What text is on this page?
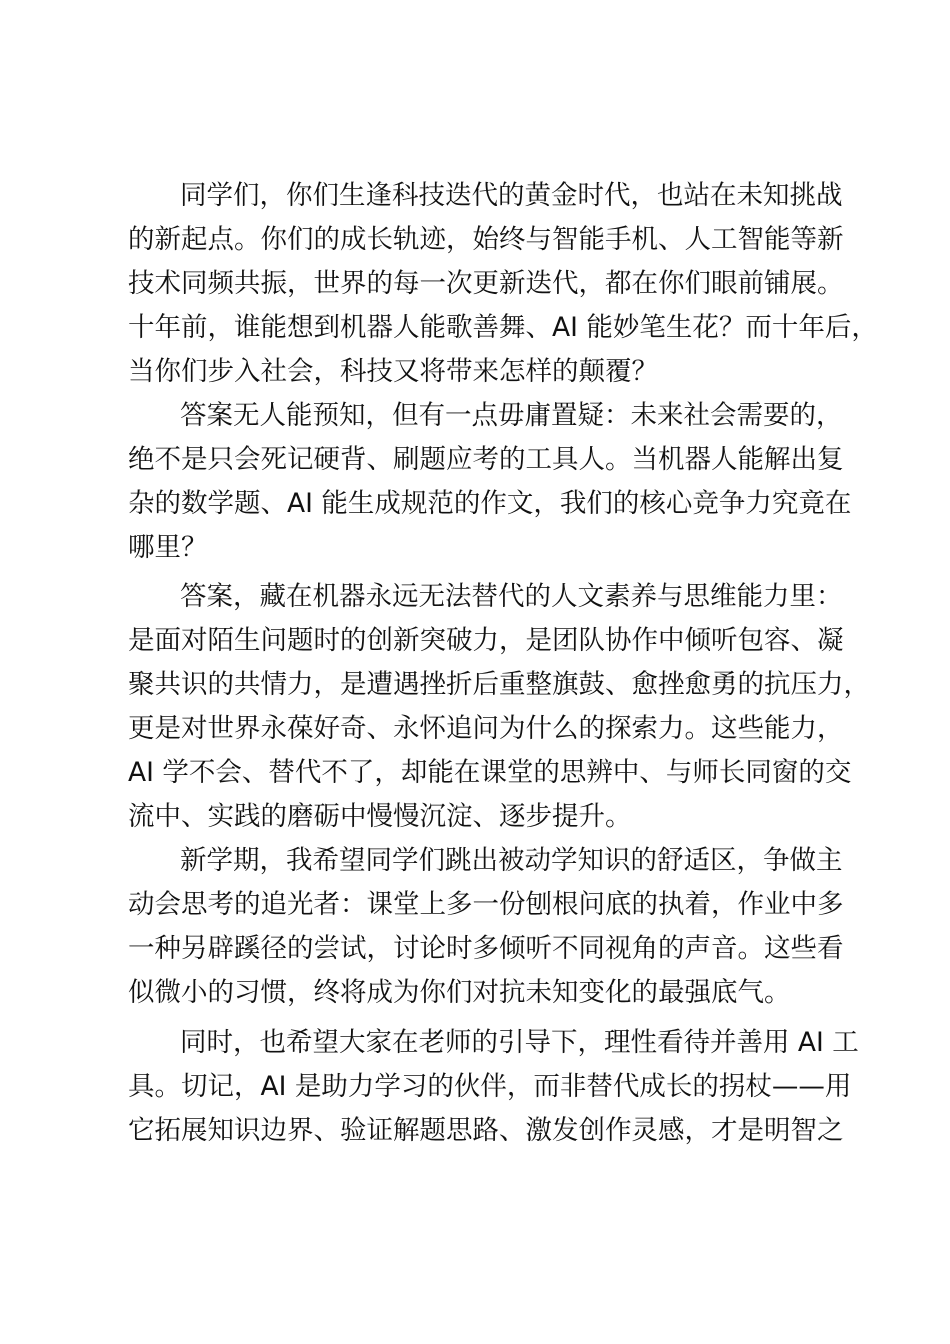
同学们，你们生逢科技迭代的黄金时代，也站在未知挑战
的新起点。你们的成长轨迹，始终与智能手机、人工智能等新
技术同频共振，世界的每一次更新迭代，都在你们眼前铺展。
十年前，谁能想到机器人能歌善舞、AI 能妙笔生花？而十年后，
当你们步入社会，科技又将带来怎样的颠覆？
答案无人能预知，但有一点毋庸置疑：未来社会需要的，
绝不是只会死记硬背、刷题应考的工具人。当机器人能解出复
杂的数学题、AI 能生成规范的作文，我们的核心竞争力究竟在
哪里？
答案，藏在机器永远无法替代的人文素养与思维能力里：
是面对陌生问题时的创新突破力，是团队协作中倾听包容、凝
聚共识的共情力，是遭遇挫折后重整旗鼓、愈挫愈勇的抗压力，
更是对世界永葆好奇、永怀追问为什么的探索力。这些能力，
AI 学不会、替代不了，却能在课堂的思辨中、与师长同窗的交
流中、实践的磨砺中慢慢沉淀、逐步提升。
新学期，我希望同学们跳出被动学知识的舒适区，争做主
动会思考的追光者：课堂上多一份刨根问底的执着，作业中多
一种另辟蹊径的尝试，讨论时多倾听不同视角的声音。这些看
似微小的习惯，终将成为你们对抗未知变化的最强底气。
同时，也希望大家在老师的引导下，理性看待并善用 AI 工
具。切记，AI 是助力学习的伙伴，而非替代成长的拐杖——用
它拓展知识边界、验证解题思路、激发创作灵感，才是明智之
